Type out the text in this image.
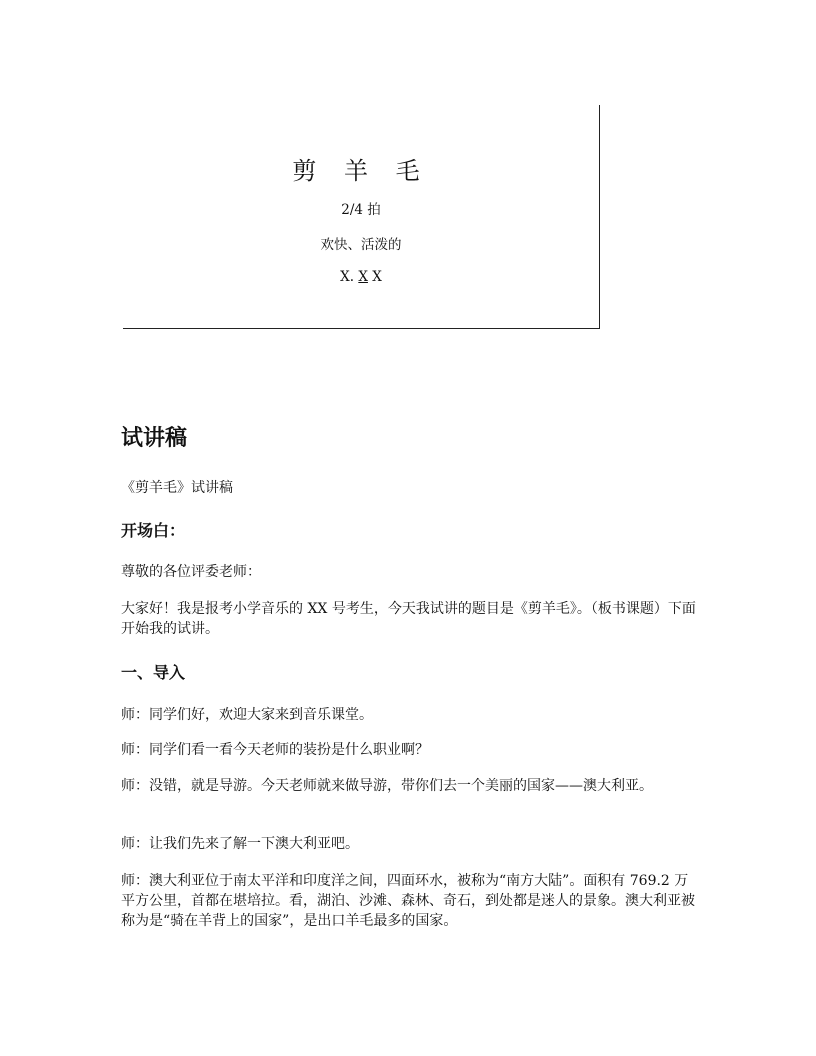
剪 羊 毛
2/4 拍
欢快、活泼的
X. X X
试讲稿
《剪羊毛》试讲稿
开场白：
尊敬的各位评委老师：
大家好！我是报考小学音乐的 XX 号考生，今天我试讲的题目是《剪羊毛》。（板书课题）下面开始我的试讲。
一、导入
师：同学们好，欢迎大家来到音乐课堂。
师：同学们看一看今天老师的装扮是什么职业啊？
师：没错，就是导游。今天老师就来做导游，带你们去一个美丽的国家——澳大利亚。
师：让我们先来了解一下澳大利亚吧。
师：澳大利亚位于南太平洋和印度洋之间，四面环水，被称为“南方大陆”。面积有 769.2 万平方公里，首都在堪培拉。看，湖泊、沙滩、森林、奇石，到处都是迷人的景象。澳大利亚被称为是“骑在羊背上的国家”，是出口羊毛最多的国家。
